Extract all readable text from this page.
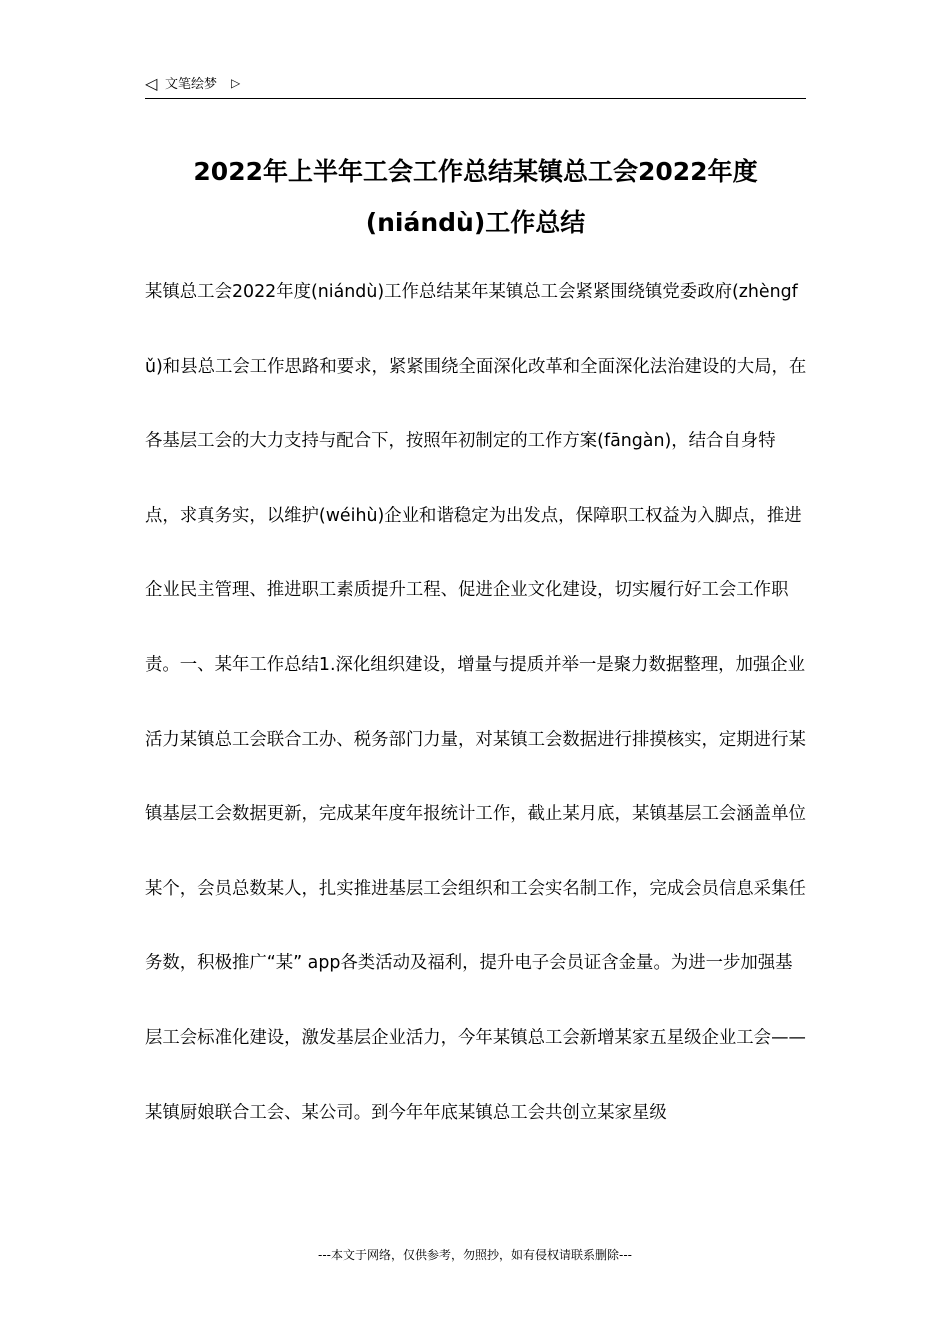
◁ 文笔绘梦 ▷
2022年上半年工会工作总结某镇总工会2022年度(niándù)工作总结

某镇总工会2022年度(niándù)工作总结某年某镇总工会紧紧围绕镇党委政府(zhèngfǔ)和县总工会工作思路和要求，紧紧围绕全面深化改革和全面深化法治建设的大局，在各基层工会的大力支持与配合下，按照年初制定的工作方案(fāngàn)，结合自身特点，求真务实，以维护(wéihù)企业和谐稳定为出发点，保障职工权益为入脚点，推进企业民主管理、推进职工素质提升工程、促进企业文化建设，切实履行好工会工作职责。一、某年工作总结1.深化组织建设，增量与提质并举一是聚力数据整理，加强企业活力某镇总工会联合工办、税务部门力量，对某镇工会数据进行排摸核实，定期进行某镇基层工会数据更新，完成某年度年报统计工作，截止某月底，某镇基层工会涵盖单位某个，会员总数某人，扎实推进基层工会组织和工会实名制工作，完成会员信息采集任务数，积极推广“某” app各类活动及福利，提升电子会员证含金量。为进一步加强基层工会标准化建设，激发基层企业活力，今年某镇总工会新增某家五星级企业工会——某镇厨娘联合工会、某公司。到今年年底某镇总工会共创立某家星级

---本文于网络，仅供参考，勿照抄，如有侵权请联系删除---
